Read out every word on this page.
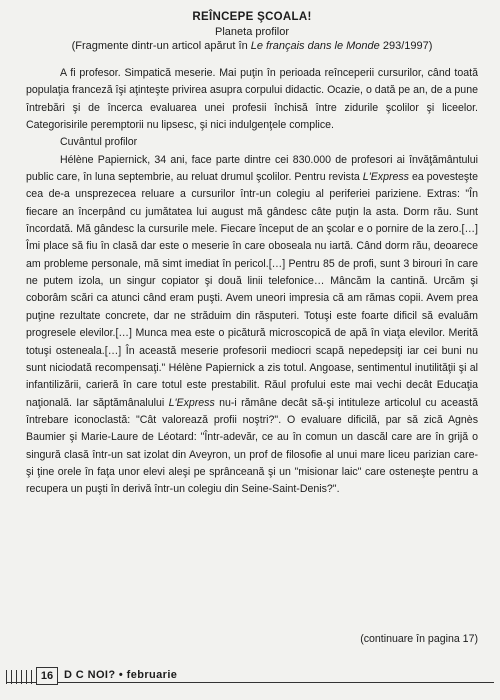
REÎNCEPE ŞCOALA!

Planeta profilor

(Fragmente dintr-un articol apărut în Le français dans le Monde 293/1997)

A fi profesor. Simpatică meserie. Mai puţin în perioada reînceperii cursurilor, când toată populaţia franceză îşi aţinteşte privirea asupra corpului didactic. Ocazie, o dată pe an, de a pune întrebări şi de încerca evaluarea unei profesii închisă între zidurile şcolilor şi liceelor. Categorisirile peremptorii nu lipsesc, şi nici indulgenţele complice.

Cuvântul profilor

Hélène Papiernick, 34 ani, face parte dintre cei 830.000 de profesori ai învăţământului public care, în luna septembrie, au reluat drumul şcolilor. Pentru revista L'Express ea povesteşte cea de-a unsprezecea reluare a cursurilor într-un colegiu al periferiei pariziene. Extras: "În fiecare an încerpând cu jumătatea lui august mă gândesc câte puţin la asta. Dorm rău. Sunt încordată. Mă gândesc la cursurile mele. Fiecare început de an şcolar e o pornire de la zero.[…] Îmi place să fiu în clasă dar este o meserie în care oboseala nu iartă. Când dorm rău, deoarece am probleme personale, mă simt imediat în pericol.[…] Pentru 85 de profi, sunt 3 birouri în care ne putem izola, un singur copiator şi două linii telefonice… Mâncăm la cantină. Urcăm şi coborâm scări ca atunci când eram puşti. Avem uneori impresia că am rămas copii. Avem prea puţine rezultate concrete, dar ne străduim din răsputeri. Totuşi este foarte dificil să evaluăm progresele elevilor.[…] Munca mea este o picătură microscopică de apă în viaţa elevilor. Merită totuşi osteneala.[…] În această meserie profesorii mediocri scapă nepedepsiţi iar cei buni nu sunt niciodată recompensaţi." Hélène Papiernick a zis totul. Angoase, sentimentul inutilităţii şi al infantilizării, carieră în care totul este prestabilit. Răul profului este mai vechi decât Educaţia naţională. Iar săptămânalului L'Express nu-i rămâne decât să-şi intituleze articolul cu această întrebare iconoclastă: "Cât valorează profii noştri?". O evaluare dificilă, par să zică Agnès Baumier şi Marie-Laure de Léotard: "Într-adevăr, ce au în comun un dascăl care are în grijă o singură clasă într-un sat izolat din Aveyron, un prof de filosofie al unui mare liceu parizian care-şi ţine orele în faţa unor elevi aleşi pe sprânceană şi un "misionar laic" care osteneşte pentru a recupera un puşti în derivă într-un colegiu din Seine-Saint-Denis?".

(continuare în pagina 17)
16 D C NOI? • februarie
